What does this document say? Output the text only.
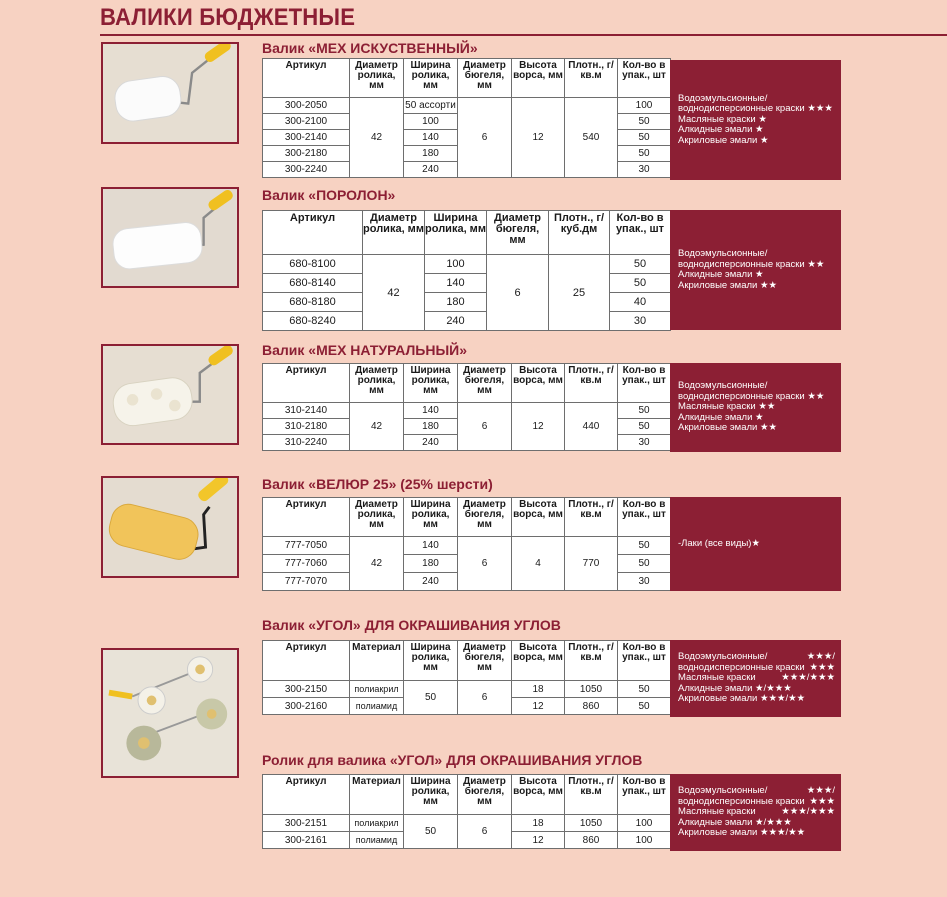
ВАЛИКИ БЮДЖЕТНЫЕ
Валик «МЕХ ИСКУСТВЕННЫЙ»
Артикул	Диаметр ролика, мм	Ширина ролика, мм	Диаметр бюгеля, мм	Высота ворса, мм	Плотн., г/кв.м	Кол-во в упак., шт
300-2050	42	50 ассорти	6	12	540	100
300-2100		100				50
300-2140		140				50
300-2180		180				50
300-2240		240				30
Водоэмульсионные/
воднодисперсионные краски ★★★
Масляные краски ★
Алкидные эмали ★
Акриловые эмали ★
Валик «ПОРОЛОН»
Артикул	Диаметр ролика, мм	Ширина ролика, мм	Диаметр бюгеля, мм	Плотн., г/куб.дм	Кол-во в упак., шт
680-8100	42	100	6	25	50
680-8140		140			50
680-8180		180			40
680-8240		240			30
Водоэмульсионные/
воднодисперсионные краски ★★
Алкидные эмали ★
Акриловые эмали ★★
Валик «МЕХ НАТУРАЛЬНЫЙ»
Артикул	Диаметр ролика, мм	Ширина ролика, мм	Диаметр бюгеля, мм	Высота ворса, мм	Плотн., г/кв.м	Кол-во в упак., шт
310-2140	42	140	6	12	440	50
310-2180		180				50
310-2240		240				30
Водоэмульсионные/
воднодисперсионные краски ★★
Масляные краски ★★
Алкидные эмали ★
Акриловые эмали ★★
Валик «ВЕЛЮР 25» (25% шерсти)
Артикул	Диаметр ролика, мм	Ширина ролика, мм	Диаметр бюгеля, мм	Высота ворса, мм	Плотн., г/кв.м	Кол-во в упак., шт
777-7050	42	140	6	4	770	50
777-7060		180				50
777-7070		240				30
-Лаки (все виды)★
Валик «УГОЛ» ДЛЯ ОКРАШИВАНИЯ УГЛОВ
Артикул	Материал	Ширина ролика, мм	Диаметр бюгеля, мм	Высота ворса, мм	Плотн., г/кв.м	Кол-во в упак., шт
300-2150	полиакрил	50	6	18	1050	50
300-2160	полиамид			12	860	50
Водоэмульсионные/	★★★/
воднодисперсионные краски ★★★
Масляные краски	★★★/★★★
Алкидные эмали ★/★★★
Акриловые эмали ★★★/★★
Ролик для валика «УГОЛ» ДЛЯ ОКРАШИВАНИЯ УГЛОВ
Артикул	Материал	Ширина ролика, мм	Диаметр бюгеля, мм	Высота ворса, мм	Плотн., г/кв.м	Кол-во в упак., шт
300-2151	полиакрил	50	6	18	1050	100
300-2161	полиамид			12	860	100
Водоэмульсионные/	★★★/
воднодисперсионные краски ★★★
Масляные краски	★★★/★★★
Алкидные эмали ★/★★★
Акриловые эмали ★★★/★★
